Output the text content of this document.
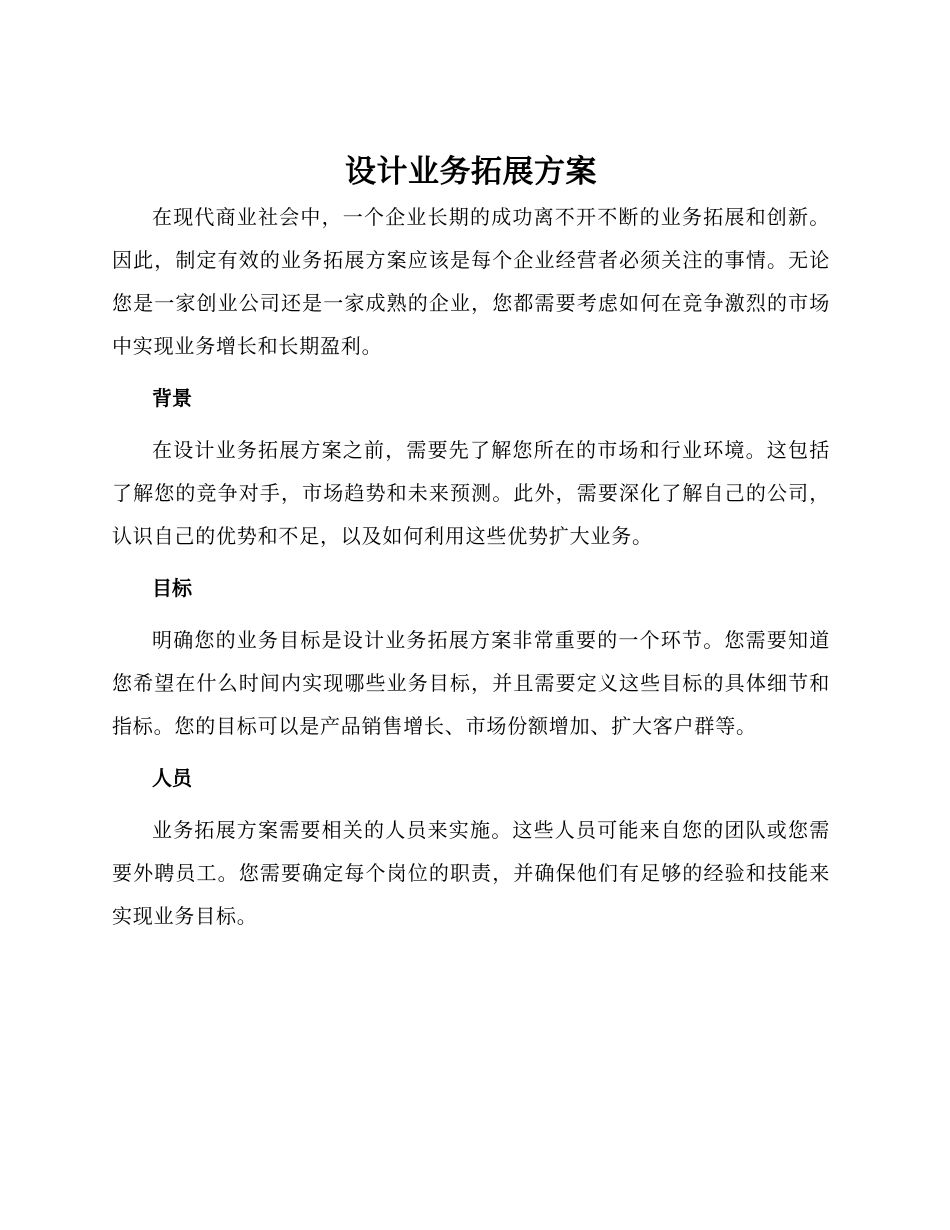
设计业务拓展方案

在现代商业社会中，一个企业长期的成功离不开不断的业务拓展和创新。因此，制定有效的业务拓展方案应该是每个企业经营者必须关注的事情。无论您是一家创业公司还是一家成熟的企业，您都需要考虑如何在竞争激烈的市场中实现业务增长和长期盈利。

背景

在设计业务拓展方案之前，需要先了解您所在的市场和行业环境。这包括了解您的竞争对手，市场趋势和未来预测。此外，需要深化了解自己的公司，认识自己的优势和不足，以及如何利用这些优势扩大业务。

目标

明确您的业务目标是设计业务拓展方案非常重要的一个环节。您需要知道您希望在什么时间内实现哪些业务目标，并且需要定义这些目标的具体细节和指标。您的目标可以是产品销售增长、市场份额增加、扩大客户群等。

人员

业务拓展方案需要相关的人员来实施。这些人员可能来自您的团队或您需要外聘员工。您需要确定每个岗位的职责，并确保他们有足够的经验和技能来实现业务目标。
